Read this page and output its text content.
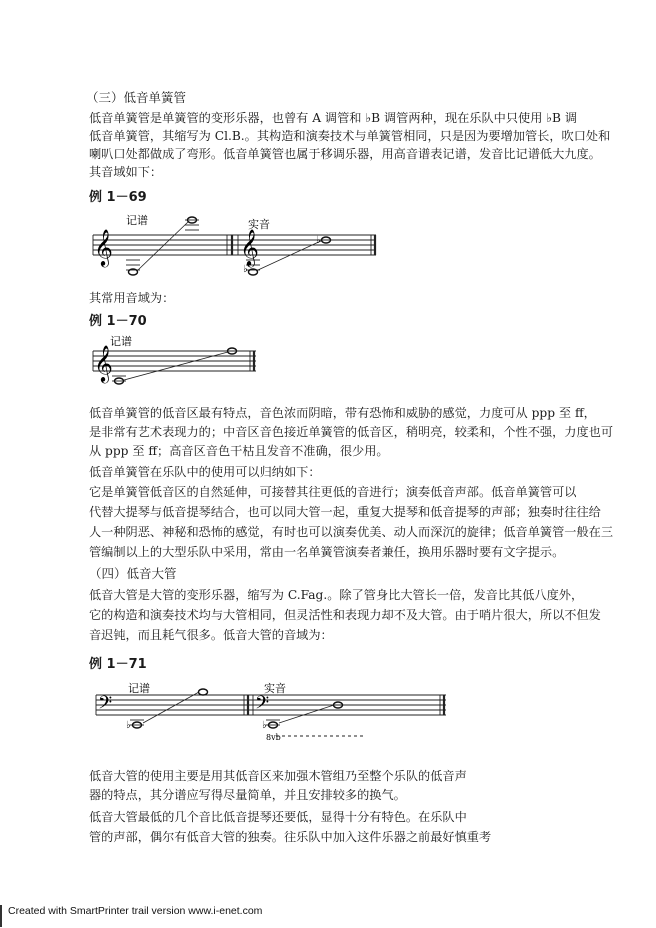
（三）低音单簧管
低音单簧管是单簧管的变形乐器，也曾有 A 调管和 ♭B 调管两种，现在乐队中只使用 ♭B 调
低音单簧管，其缩写为 Cl.B.。其构造和演奏技术与单簧管相同，只是因为要增加管长，吹口处和
喇叭口处都做成了弯形。低音单簧管也属于移调乐器，用高音谱表记谱，发音比记谱低大九度。
其音域如下：
例 1－69
记谱	实音
𝄞	𝄞
♭
♭
其常用音域为：
例 1－70
记谱
𝄞
低音单簧管的低音区最有特点，音色浓而阴暗，带有恐怖和威胁的感觉，力度可从 ppp 至 ff，
是非常有艺术表现力的；中音区音色接近单簧管的低音区，稍明亮，较柔和，个性不强，力度也可
从 ppp 至 ff；高音区音色干枯且发音不准确，很少用。
低音单簧管在乐队中的使用可以归纳如下：
它是单簧管低音区的自然延伸，可接替其往更低的音进行；演奏低音声部。低音单簧管可以
代替大提琴与低音提琴结合，也可以同大管一起，重复大提琴和低音提琴的声部；独奏时往往给
人一种阴恶、神秘和恐怖的感觉，有时也可以演奏优美、动人而深沉的旋律；低音单簧管一般在三
管编制以上的大型乐队中采用，常由一名单簧管演奏者兼任，换用乐器时要有文字提示。
（四）低音大管
低音大管是大管的变形乐器，缩写为 C.Fag.。除了管身比大管长一倍，发音比其低八度外，
它的构造和演奏技术均与大管相同，但灵活性和表现力却不及大管。由于哨片很大，所以不但发
音迟钝，而且耗气很多。低音大管的音域为：
例 1－71
记谱	实音
𝄢	𝄢
♭	♭
8vb
低音大管的使用主要是用其低音区来加强木管组乃至整个乐队的低音声
器的特点，其分谱应写得尽量简单，并且安排较多的换气。
低音大管最低的几个音比低音提琴还要低，显得十分有特色。在乐队中
管的声部，偶尔有低音大管的独奏。往乐队中加入这件乐器之前最好慎重考
Created with SmartPrinter trail version www.i-enet.com
